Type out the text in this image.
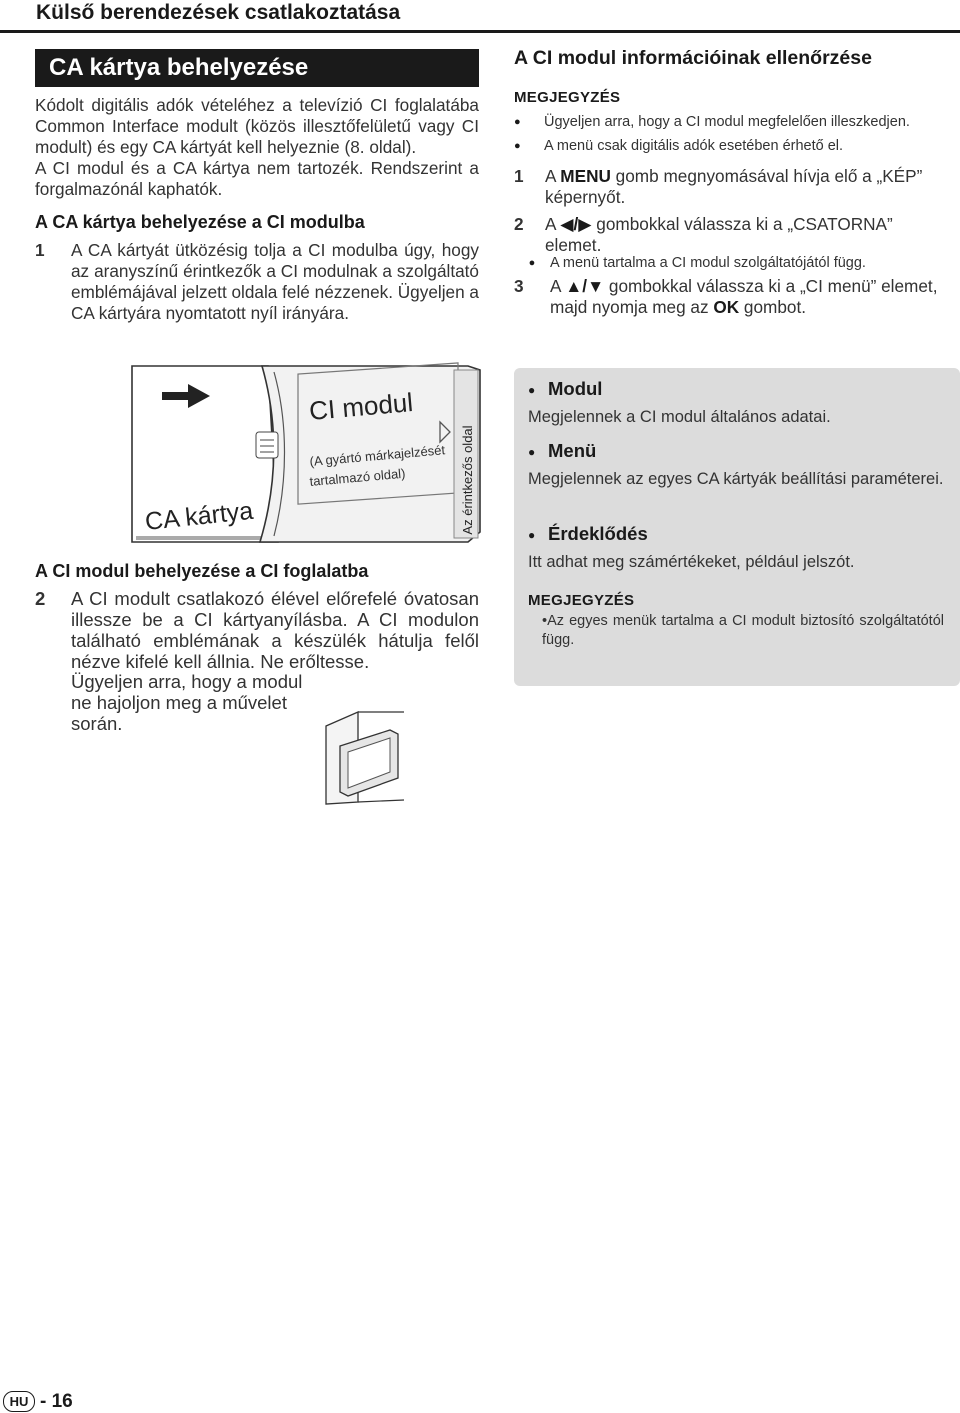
Külső berendezések csatlakoztatása
CA kártya behelyezése
Kódolt digitális adók vételéhez a televízió CI foglalatába Common Interface modult (közös illesztőfelületű vagy CI modult) és egy CA kártyát kell helyeznie (8. oldal).
A CI modul és a CA kártya nem tartozék. Rendszerint a forgalmazónál kaphatók.
A CA kártya behelyezése a CI modulba
1	A CA kártyát ütközésig tolja a CI modulba úgy, hogy az aranyszínű érintkezők a CI modulnak a szolgáltató emblémájával jelzett oldala felé nézzenek. Ügyeljen a CA kártyára nyomtatott nyíl irányára.
CA kártya
CI modul
(A gyártó márkajelzését
tartalmazó oldal)	Az érintkezős oldal
A CI modul behelyezése a CI foglalatba
2	A CI modult csatlakozó élével előrefelé óvatosan illessze be a CI kártyanyílásba. A CI modulon található emblémának a készülék hátulja felől nézve kifelé kell állnia. Ne erőltesse.
Ügyeljen arra, hogy a modul ne hajoljon meg a művelet során.
A CI modul információinak ellenőrzése
MEGJEGYZÉS
●	Ügyeljen arra, hogy a CI modul megfelelően illeszkedjen.
●	A menü csak digitális adók esetében érhető el.
1	A MENU gomb megnyomásával hívja elő a „KÉP” képernyőt.
2	A ◀/▶ gombokkal válassza ki a „CSATORNA” elemet.
●	A menü tartalma a CI modul szolgáltatójától függ.
3	A ▲/▼ gombokkal válassza ki a „CI menü” elemet, majd nyomja meg az OK gombot.
● Modul
Megjelennek a CI modul általános adatai.
● Menü
Megjelennek az egyes CA kártyák beállítási paraméterei.
● Érdeklődés
Itt adhat meg számértékeket, például jelszót.
MEGJEGYZÉS
•Az egyes menük tartalma a CI modult biztosító szolgáltatótól függ.
HU - 16
